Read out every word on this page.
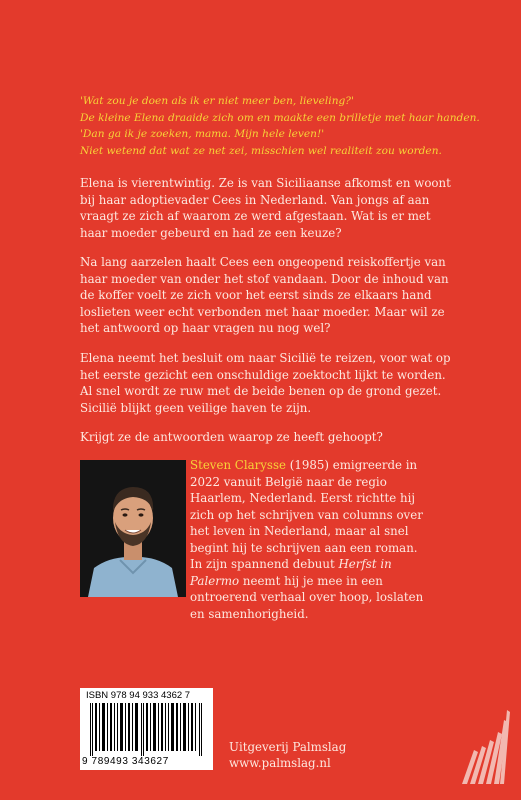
'Wat zou je doen als ik er niet meer ben, lieveling?'
De kleine Elena draaide zich om en maakte een brilletje met haar handen.
'Dan ga ik je zoeken, mama. Mijn hele leven!'
Niet wetend dat wat ze net zei, misschien wel realiteit zou worden.

Elena is vierentwintig. Ze is van Siciliaanse afkomst en woont bij haar adoptievader Cees in Nederland. Van jongs af aan vraagt ze zich af waarom ze werd afgestaan. Wat is er met haar moeder gebeurd en had ze een keuze?

Na lang aarzelen haalt Cees een ongeopend reiskoffertje van haar moeder van onder het stof vandaan. Door de inhoud van de koffer voelt ze zich voor het eerst sinds ze elkaars hand loslieten weer echt verbonden met haar moeder. Maar wil ze het antwoord op haar vragen nu nog wel?

Elena neemt het besluit om naar Sicilië te reizen, voor wat op het eerste gezicht een onschuldige zoektocht lijkt te worden. Al snel wordt ze ruw met de beide benen op de grond gezet. Sicilië blijkt geen veilige haven te zijn.

Krijgt ze de antwoorden waarop ze heeft gehoopt?

Steven Clarysse (1985) emigreerde in 2022 vanuit België naar de regio Haarlem, Nederland. Eerst richtte hij zich op het schrijven van columns over het leven in Nederland, maar al snel begint hij te schrijven aan een roman. In zijn spannend debuut Herfst in Palermo neemt hij je mee in een ontroerend verhaal over hoop, loslaten en samenhorigheid.

ISBN 978 94 933 4362 7
9 789493 343627
Uitgeverij Palmslag
www.palmslag.nl
